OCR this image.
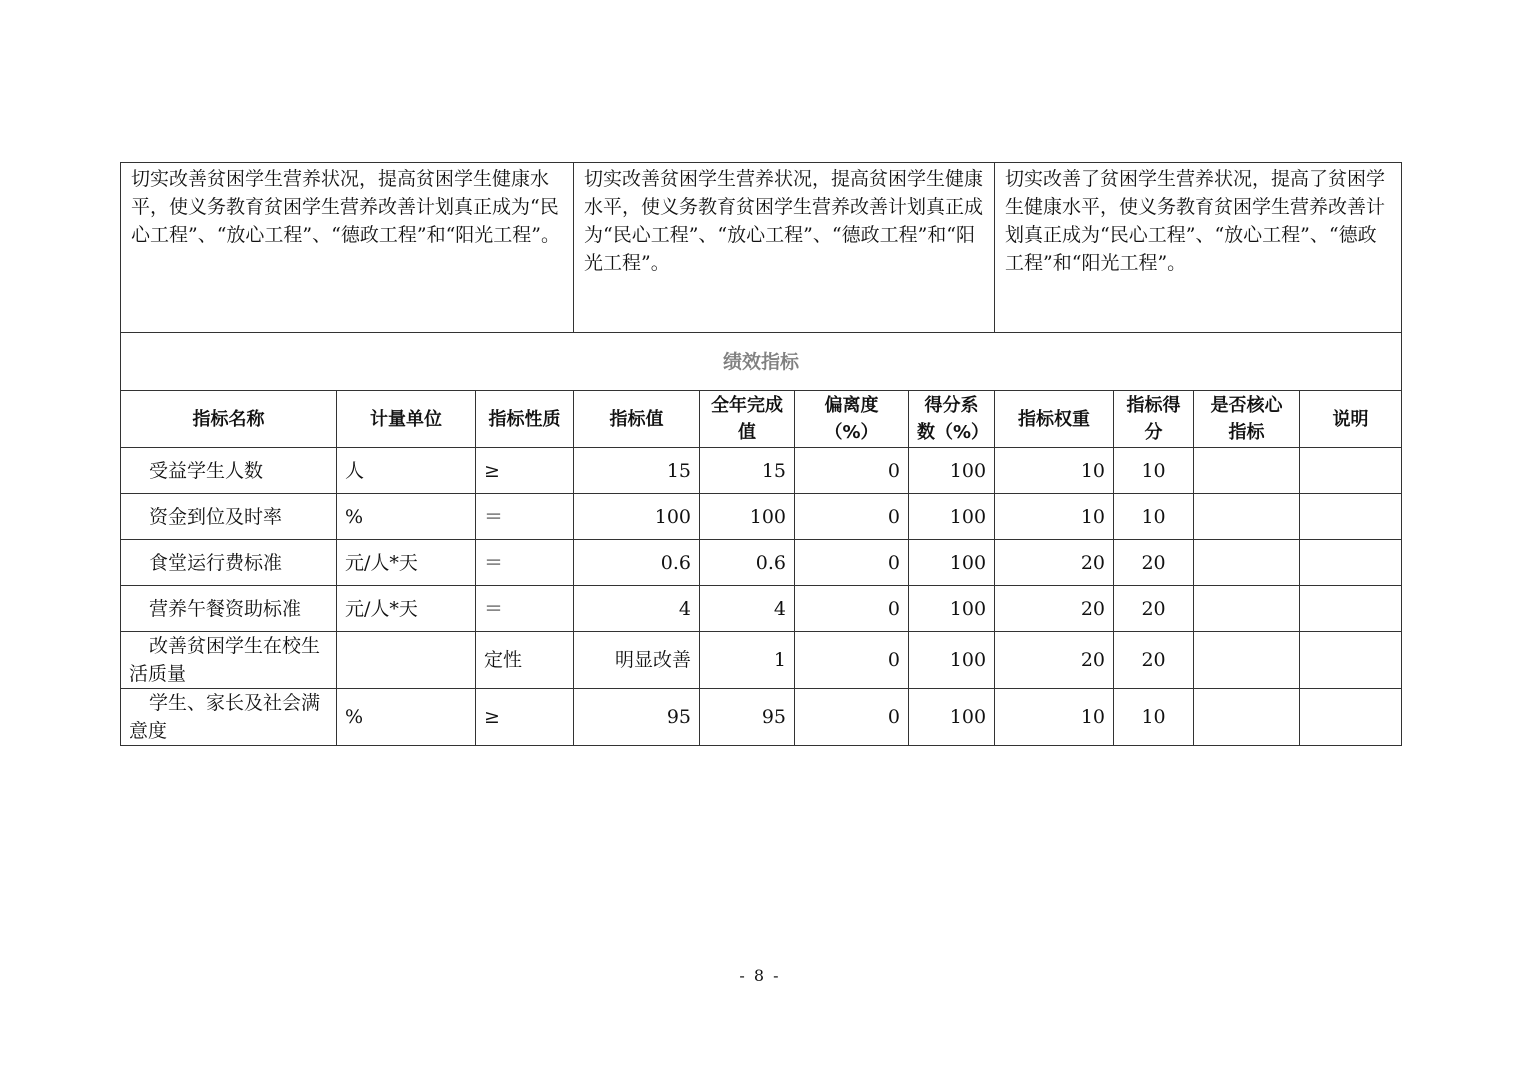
切实改善贫困学生营养状况，提高贫困学生健康水平，使义务教育贫困学生营养改善计划真正成为“民心工程”、“放心工程”、“德政工程”和“阳光工程”。			切实改善贫困学生营养状况，提高贫困学生健康水平，使义务教育贫困学生营养改善计划真正成为“民心工程”、“放心工程”、“德政工程”和“阳光工程”。				切实改善了贫困学生营养状况，提高了贫困学生健康水平，使义务教育贫困学生营养改善计划真正成为“民心工程”、“放心工程”、“德政工程”和“阳光工程”。			
绩效指标										
指标名称	计量单位	指标性质	指标值	全年完成值	偏离度（%）	得分系数（%）	指标权重	指标得分	是否核心指标	说明
受益学生人数	人	≥	15	15	0	100	10	10		
资金到位及时率	%	＝	100	100	0	100	10	10		
食堂运行费标准	元/人*天	＝	0.6	0.6	0	100	20	20		
营养午餐资助标准	元/人*天	＝	4	4	0	100	20	20		
改善贫困学生在校生活质量		定性	明显改善	1	0	100	20	20		
学生、家长及社会满意度	%	≥	95	95	0	100	10	10		
- 8 -
